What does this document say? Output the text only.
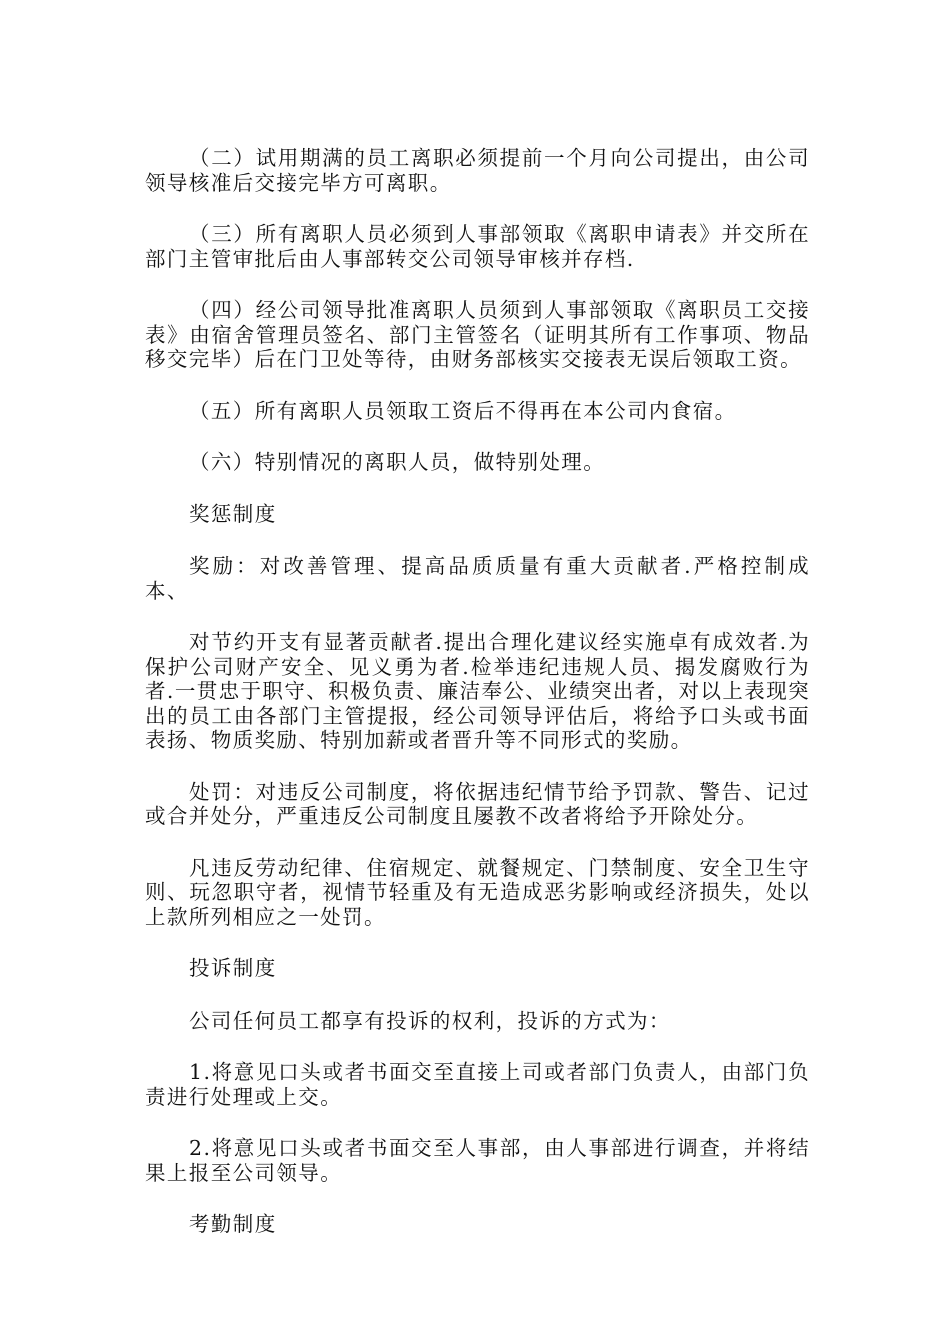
（二）试用期满的员工离职必须提前一个月向公司提出，由公司领导核准后交接完毕方可离职。

（三）所有离职人员必须到人事部领取《离职申请表》并交所在部门主管审批后由人事部转交公司领导审核并存档.

（四）经公司领导批准离职人员须到人事部领取《离职员工交接表》由宿舍管理员签名、部门主管签名（证明其所有工作事项、物品移交完毕）后在门卫处等待，由财务部核实交接表无误后领取工资。

（五）所有离职人员领取工资后不得再在本公司内食宿。

（六）特别情况的离职人员，做特别处理。

奖惩制度

奖励：对改善管理、提高品质质量有重大贡献者.严格控制成本、

对节约开支有显著贡献者.提出合理化建议经实施卓有成效者.为保护公司财产安全、见义勇为者.检举违纪违规人员、揭发腐败行为者.一贯忠于职守、积极负责、廉洁奉公、业绩突出者，对以上表现突出的员工由各部门主管提报，经公司领导评估后，将给予口头或书面表扬、物质奖励、特别加薪或者晋升等不同形式的奖励。

处罚：对违反公司制度，将依据违纪情节给予罚款、警告、记过或合并处分，严重违反公司制度且屡教不改者将给予开除处分。

凡违反劳动纪律、住宿规定、就餐规定、门禁制度、安全卫生守则、玩忽职守者，视情节轻重及有无造成恶劣影响或经济损失，处以上款所列相应之一处罚。

投诉制度

公司任何员工都享有投诉的权利，投诉的方式为：

1.将意见口头或者书面交至直接上司或者部门负责人，由部门负责进行处理或上交。

2.将意见口头或者书面交至人事部，由人事部进行调查，并将结果上报至公司领导。

考勤制度
